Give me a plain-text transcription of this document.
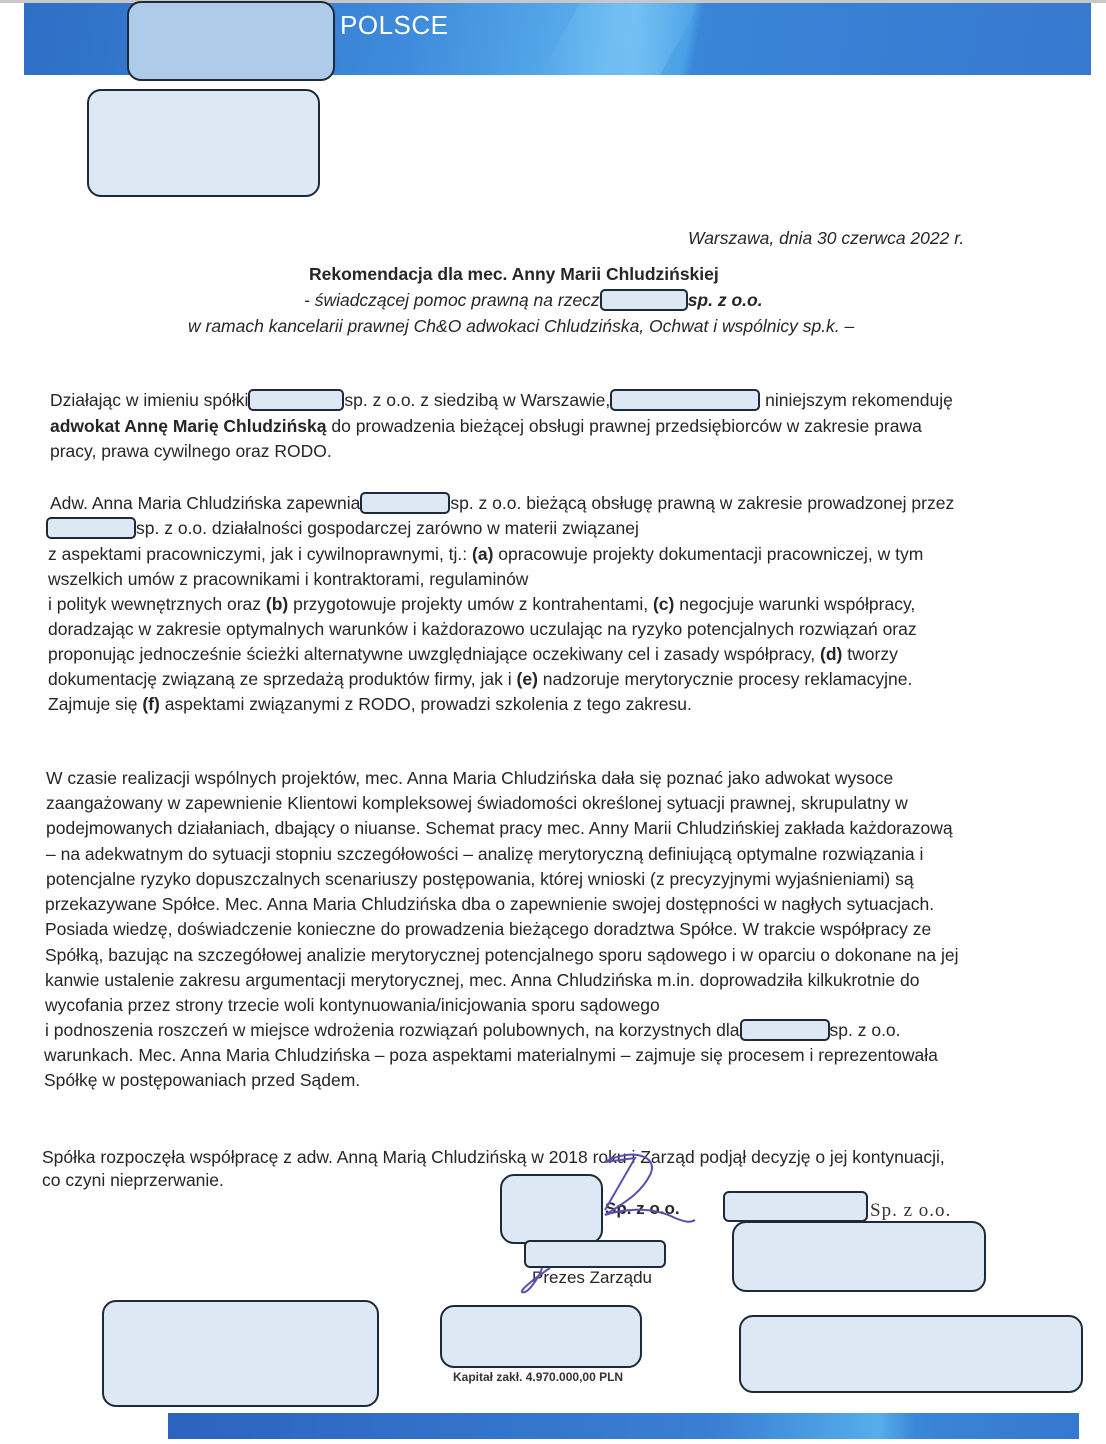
POLSCE
Warszawa, dnia 30 czerwca 2022 r.
Rekomendacja dla mec. Anny Marii Chludzińskiej
- świadczącej pomoc prawną na rzecz	sp. z o.o.
w ramach kancelarii prawnej Ch&O adwokaci Chludzińska, Ochwat i wspólnicy sp.k. –
Działając w imieniu spółki	sp. z o.o. z siedzibą w Warszawie,	niniejszym rekomenduję
adwokat Annę Marię Chludzińską do prowadzenia bieżącej obsługi prawnej przedsiębiorców w zakresie prawa
pracy, prawa cywilnego oraz RODO.
Adw. Anna Maria Chludzińska zapewnia	sp. z o.o. bieżącą obsługę prawną w zakresie prowadzonej przez
sp. z o.o. działalności gospodarczej zarówno w materii związanej
z aspektami pracowniczymi, jak i cywilnoprawnymi, tj.: (a) opracowuje projekty dokumentacji pracowniczej, w tym
wszelkich umów z pracownikami i kontraktorami, regulaminów
i polityk wewnętrznych oraz (b) przygotowuje projekty umów z kontrahentami, (c) negocjuje warunki współpracy,
doradzając w zakresie optymalnych warunków i każdorazowo uczulając na ryzyko potencjalnych rozwiązań oraz
proponując jednocześnie ścieżki alternatywne uwzględniające oczekiwany cel i zasady współpracy, (d) tworzy
dokumentację związaną ze sprzedażą produktów firmy, jak i (e) nadzoruje merytorycznie procesy reklamacyjne.
Zajmuje się (f) aspektami związanymi z RODO, prowadzi szkolenia z tego zakresu.
W czasie realizacji wspólnych projektów, mec. Anna Maria Chludzińska dała się poznać jako adwokat wysoce
zaangażowany w zapewnienie Klientowi kompleksowej świadomości określonej sytuacji prawnej, skrupulatny w
podejmowanych działaniach, dbający o niuanse. Schemat pracy mec. Anny Marii Chludzińskiej zakłada każdorazową
– na adekwatnym do sytuacji stopniu szczegółowości – analizę merytoryczną definiującą optymalne rozwiązania i
potencjalne ryzyko dopuszczalnych scenariuszy postępowania, której wnioski (z precyzyjnymi wyjaśnieniami) są
przekazywane Spółce. Mec. Anna Maria Chludzińska dba o zapewnienie swojej dostępności w nagłych sytuacjach.
Posiada wiedzę, doświadczenie konieczne do prowadzenia bieżącego doradztwa Spółce. W trakcie współpracy ze
Spółką, bazując na szczegółowej analizie merytorycznej potencjalnego sporu sądowego i w oparciu o dokonane na jej
kanwie ustalenie zakresu argumentacji merytorycznej, mec. Anna Chludzińska m.in. doprowadziła kilkukrotnie do
wycofania przez strony trzecie woli kontynuowania/inicjowania sporu sądowego
i podnoszenia roszczeń w miejsce wdrożenia rozwiązań polubownych, na korzystnych dla	sp. z o.o.
warunkach. Mec. Anna Maria Chludzińska – poza aspektami materialnymi – zajmuje się procesem i reprezentowała
Spółkę w postępowaniach przed Sądem.
Spółka rozpoczęła współpracę z adw. Anną Marią Chludzińską w 2018 roku i Zarząd podjął decyzję o jej kontynuacji,
co czyni nieprzerwanie.
Sp. z o.o.
Prezes Zarządu
Sp. z o.o.
Kapitał zakł. 4.970.000,00 PLN
